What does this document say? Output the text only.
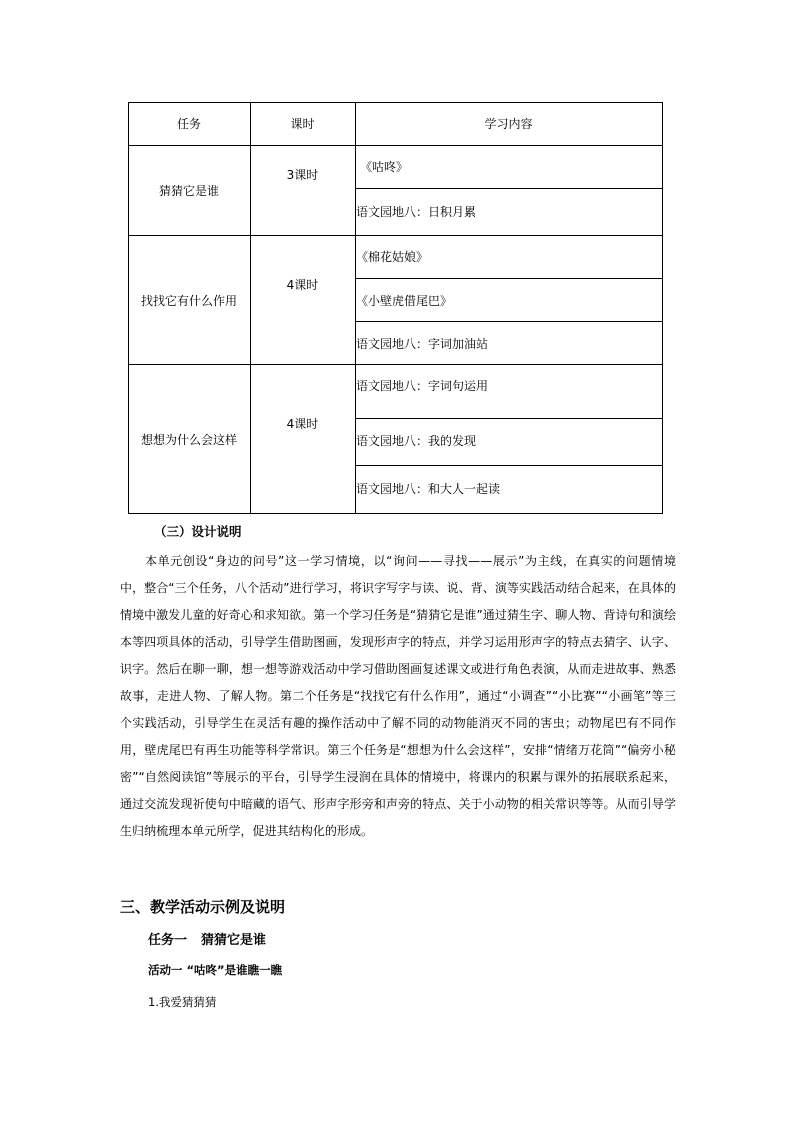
任务	课时	学习内容
猜猜它是谁
3课时
《咕咚》
语文园地八：日积月累
找找它有什么作用
4课时
《棉花姑娘》
《小壁虎借尾巴》
语文园地八：字词加油站
想想为什么会这样
4课时
语文园地八：字词句运用
语文园地八：我的发现
语文园地八：和大人一起读
（三）设计说明
本单元创设“身边的问号”这一学习情境，以“询问——寻找——展示”为主线，在真实的问题情境中，整合“三个任务，八个活动”进行学习，将识字写字与读、说、背、演等实践活动结合起来，在具体的情境中激发儿童的好奇心和求知欲。第一个学习任务是“猜猜它是谁”通过猜生字、聊人物、背诗句和演绘本等四项具体的活动，引导学生借助图画，发现形声字的特点，并学习运用形声字的特点去猜字、认字、识字。然后在聊一聊，想一想等游戏活动中学习借助图画复述课文或进行角色表演，从而走进故事、熟悉故事，走进人物、了解人物。第二个任务是“找找它有什么作用”，通过“小调查”“小比赛”“小画笔”等三个实践活动，引导学生在灵活有趣的操作活动中了解不同的动物能消灭不同的害虫；动物尾巴有不同作用，壁虎尾巴有再生功能等科学常识。第三个任务是“想想为什么会这样”，安排“情绪万花筒”“偏旁小秘密”“自然阅读馆”等展示的平台，引导学生浸润在具体的情境中，将课内的积累与课外的拓展联系起来，通过交流发现祈使句中暗藏的语气、形声字形旁和声旁的特点、关于小动物的相关常识等等。从而引导学生归纳梳理本单元所学，促进其结构化的形成。
三、教学活动示例及说明
任务一 猜猜它是谁
活动一 “咕咚”是谁瞧一瞧
1.我爱猜猜猜
